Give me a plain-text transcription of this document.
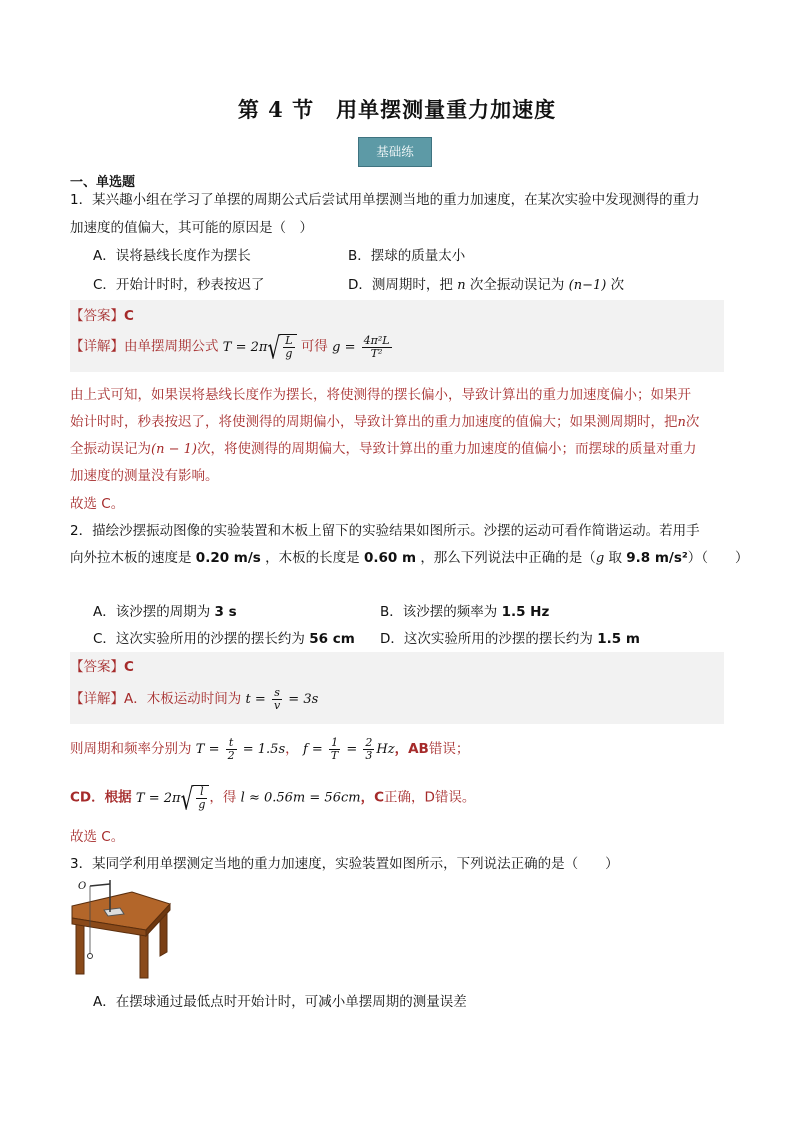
第 4 节　用单摆测量重力加速度
基础练
一、单选题
1．某兴趣小组在学习了单摆的周期公式后尝试用单摆测当地的重力加速度，在某次实验中发现测得的重力
加速度的值偏大，其可能的原因是（　）
A．误将悬线长度作为摆长	B．摆球的质量太小
C．开始计时时，秒表按迟了	D．测周期时，把 n 次全振动误记为 (n−1) 次
【答案】C
【详解】由单摆周期公式 $T = 2\pi√ \frac{L}{g}$ 可得 $g = \frac{\text{4π²L}}{\text{T²}}$
由上式可知，如果误将悬线长度作为摆长，将使测得的摆长偏小，导致计算出的重力加速度偏小；如果开
始计时时，秒表按迟了，将使测得的周期偏小，导致计算出的重力加速度的值偏大；如果测周期时，把n次
全振动误记为(n − 1)次，将使测得的周期偏大，导致计算出的重力加速度的值偏小；而摆球的质量对重力
加速度的测量没有影响。
故选 C。
2．描绘沙摆振动图像的实验装置和木板上留下的实验结果如图所示。沙摆的运动可看作简谐运动。若用手
向外拉木板的速度是 0.20 m/s ，木板的长度是 0.60 m ，那么下列说法中正确的是（g 取 9.8 m/s²）（　　）
A．该沙摆的周期为 3 s	B．该沙摆的频率为 1.5 Hz
C．这次实验所用的沙摆的摆长约为 56 cm D．这次实验所用的沙摆的摆长约为 1.5 m
【答案】C
【详解】A．木板运动时间为 $t = \frac{s}{v} = 3s$
则周期和频率分别为 $T = \frac{t}{2} = 1.5s$， $f = \frac{1}{T} = \frac{2}{3}$ Hz，AB错误；
CD．根据 $T = 2\pi√ \frac{l}{g}$ ，得 l ≈ 0.56m = 56cm，C正确，D错误。
故选 C。
3．某同学利用单摆测定当地的重力加速度，实验装置如图所示，下列说法正确的是（　　）
O
A．在摆球通过最低点时开始计时，可减小单摆周期的测量误差
